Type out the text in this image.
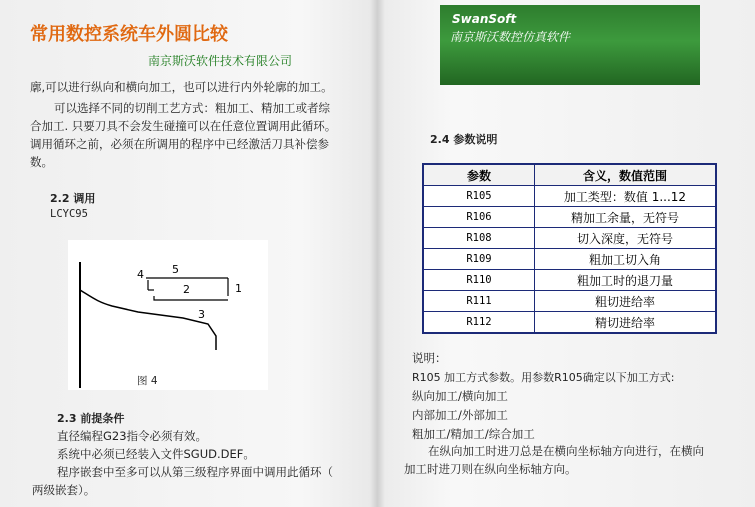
常用数控系统车外圆比较
南京斯沃软件技术有限公司
廓,可以进行纵向和横向加工，也可以进行内外轮廓的加工。
可以选择不同的切削工艺方式：粗加工、精加工或者综
合加工. 只要刀具不会发生碰撞可以在任意位置调用此循环。
调用循环之前，必须在所调用的程序中已经激活刀具补偿参
数。
2.2 调用
LCYC95
1
2
3
4	5
图 4
2.3 前提条件
直径编程G23指令必须有效。
系统中必须已经装入文件SGUD.DEF。
程序嵌套中至多可以从第三级程序界面中调用此循环（
两级嵌套）。
SwanSoft
南京斯沃数控仿真软件
2.4 参数说明
参数	含义，数值范围
R105	加工类型：数值 1...12
R106	精加工余量，无符号
R108	切入深度，无符号
R109	粗加工切入角
R110	粗加工时的退刀量
R111	粗切进给率
R112	精切进给率
说明：
R105 加工方式参数。用参数R105确定以下加工方式:
纵向加工/横向加工
内部加工/外部加工
粗加工/精加工/综合加工
在纵向加工时进刀总是在横向坐标轴方向进行，在横向
加工时进刀则在纵向坐标轴方向。
